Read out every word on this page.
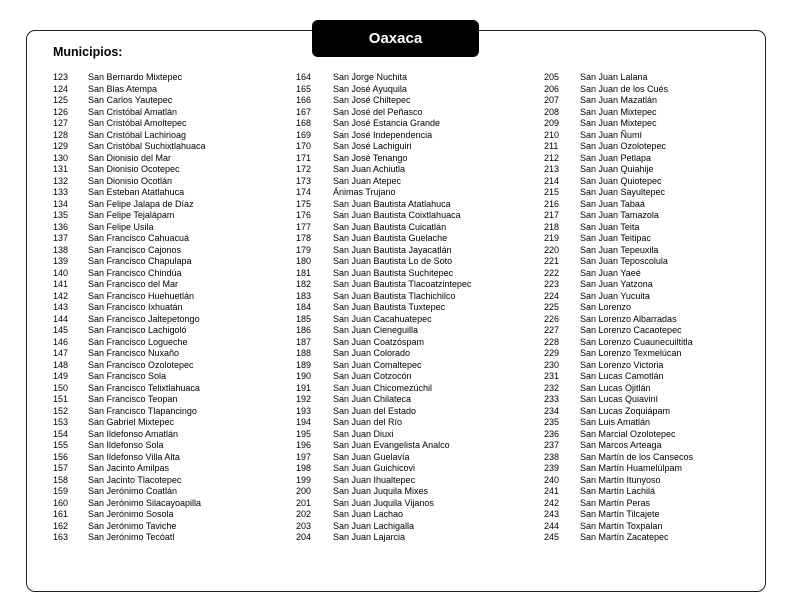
Oaxaca
Municipios:
123	San Bernardo Mixtepec
124	San Blas Atempa
125	San Carlos Yautepec
126	San Cristóbal Amatlán
127	San Cristóbal Amoltepec
128	San Cristóbal Lachirioag
129	San Cristóbal Suchixtlahuaca
130	San Dionisio del Mar
131	San Dionisio Ocotepec
132	San Dionisio Ocotlán
133	San Esteban Atatlahuca
134	San Felipe Jalapa de Díaz
135	San Felipe Tejalápam
136	San Felipe Usila
137	San Francisco Cahuacuá
138	San Francisco Cajonos
139	San Francisco Chapulapa
140	San Francisco Chindúa
141	San Francisco del Mar
142	San Francisco Huehuetlán
143	San Francisco Ixhuatán
144	San Francisco Jaltepetongo
145	San Francisco Lachigoló
146	San Francisco Logueche
147	San Francisco Nuxaño
148	San Francisco Ozolotepec
149	San Francisco Sola
150	San Francisco Telixtlahuaca
151	San Francisco Teopan
152	San Francisco Tlapancingo
153	San Gabriel Mixtepec
154	San Ildefonso Amatlán
155	San Ildefonso Sola
156	San Ildefonso Villa Alta
157	San Jacinto Amilpas
158	San Jacinto Tlacotepec
159	San Jerónimo Coatlán
160	San Jerónimo Silacayoapilla
161	San Jerónimo Sosola
162	San Jerónimo Taviche
163	San Jerónimo Tecóatl
164	San Jorge Nuchita
165	San José Ayuquila
166	San José Chiltepec
167	San José del Peñasco
168	San José Estancia Grande
169	San José Independencia
170	San José Lachiguiri
171	San José Tenango
172	San Juan Achiutla
173	San Juan Atepec
174	Ánimas Trujano
175	San Juan Bautista Atatlahuca
176	San Juan Bautista Coixtlahuaca
177	San Juan Bautista Cuicatlán
178	San Juan Bautista Guelache
179	San Juan Bautista Jayacatlán
180	San Juan Bautista Lo de Soto
181	San Juan Bautista Suchitepec
182	San Juan Bautista Tlacoatzintepec
183	San Juan Bautista Tlachichilco
184	San Juan Bautista Tuxtepec
185	San Juan Cacahuatepec
186	San Juan Cieneguilla
187	San Juan Coatzóspam
188	San Juan Colorado
189	San Juan Comaltepec
190	San Juan Cotzocón
191	San Juan Chicomezúchil
192	San Juan Chilateca
193	San Juan del Estado
194	San Juan del Río
195	San Juan Diuxi
196	San Juan Evangelista Analco
197	San Juan Guelavía
198	San Juan Guichicovi
199	San Juan Ihualtepec
200	San Juan Juquila Mixes
201	San Juan Juquila Vijanos
202	San Juan Lachao
203	San Juan Lachigalla
204	San Juan Lajarcia
205	San Juan Lalana
206	San Juan de los Cués
207	San Juan Mazatlán
208	San Juan Mixtepec
209	San Juan Mixtepec
210	San Juan Ñumí
211	San Juan Ozolotepec
212	San Juan Petlapa
213	San Juan Quiahije
214	San Juan Quiotepec
215	San Juan Sayultepec
216	San Juan Tabaá
217	San Juan Tamazola
218	San Juan Teita
219	San Juan Teitipac
220	San Juan Tepeuxila
221	San Juan Teposcolula
222	San Juan Yaeé
223	San Juan Yatzona
224	San Juan Yucuita
225	San Lorenzo
226	San Lorenzo Albarradas
227	San Lorenzo Cacaotepec
228	San Lorenzo Cuaunecuiltitla
229	San Lorenzo Texmelúcan
230	San Lorenzo Victoria
231	San Lucas Camotlán
232	San Lucas Ojitlán
233	San Lucas Quiaviní
234	San Lucas Zoquiápam
235	San Luis Amatlán
236	San Marcial Ozolotepec
237	San Marcos Arteaga
238	San Martín de los Cansecos
239	San Martín Huamelúlpam
240	San Martín Itunyoso
241	San Martín Lachilá
242	San Martín Peras
243	San Martín Tilcajete
244	San Martín Toxpalan
245	San Martín Zacatepec
